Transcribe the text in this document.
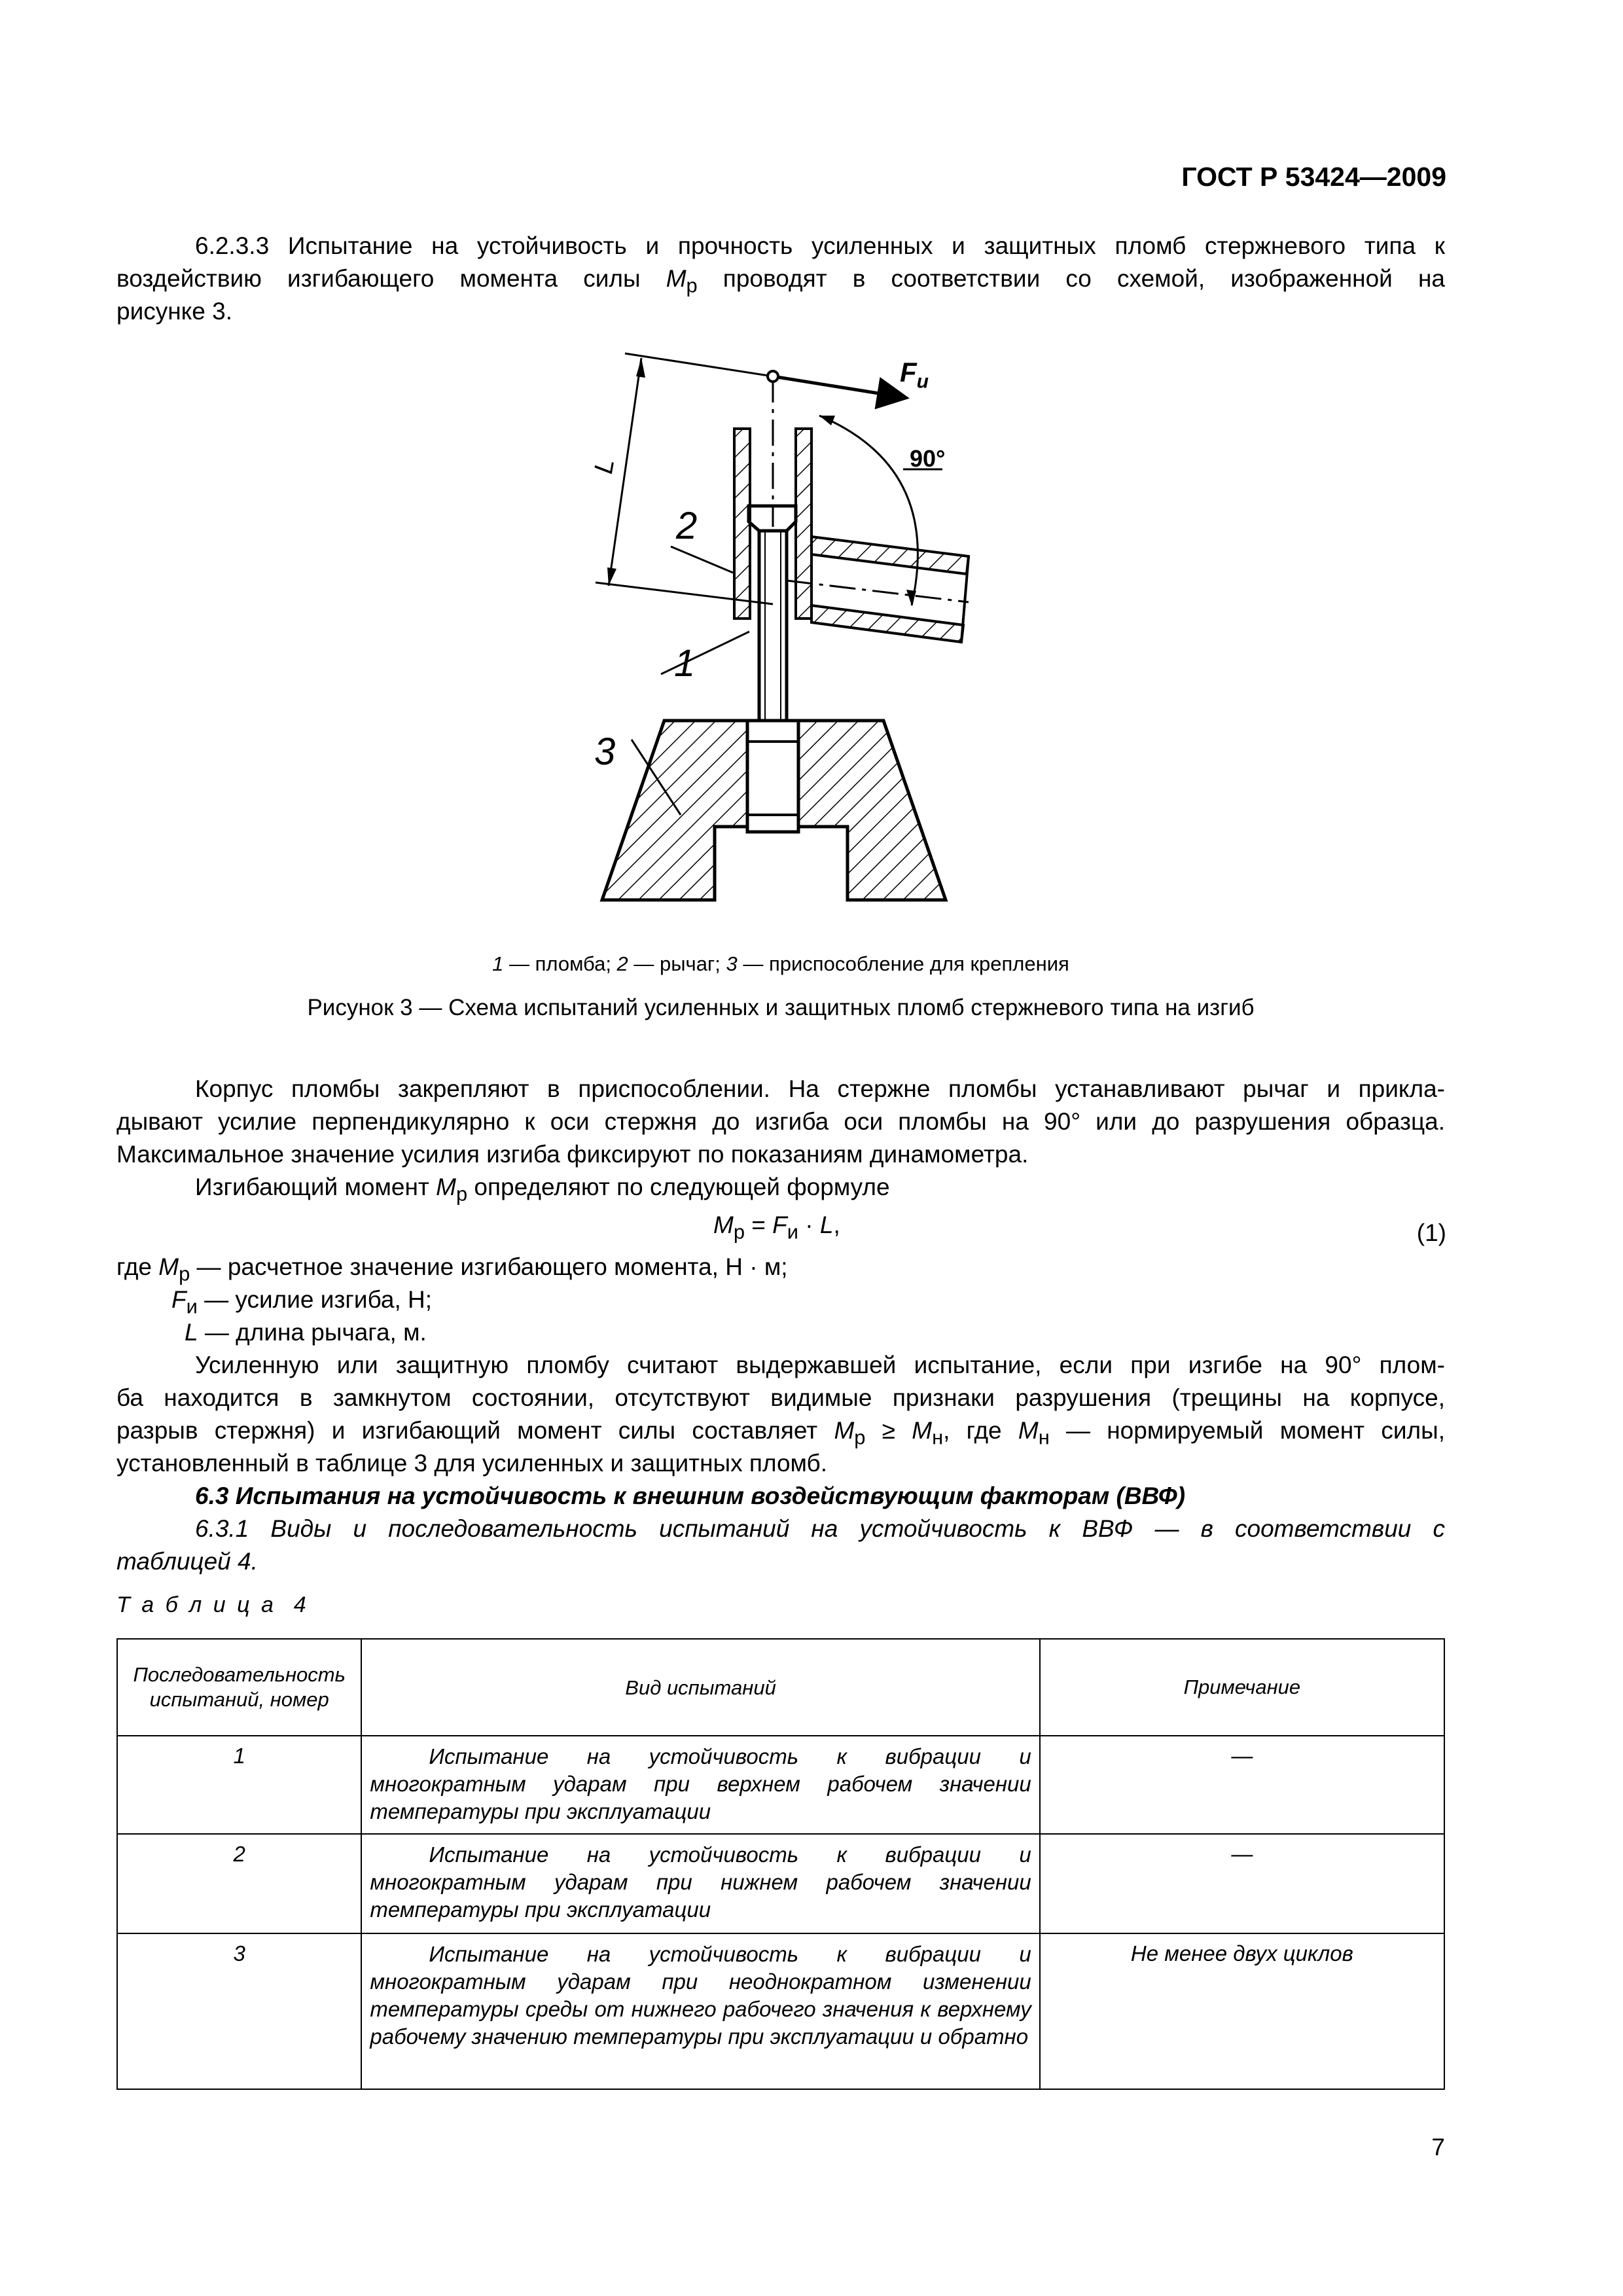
ГОСТ Р 53424—2009
6.2.3.3 Испытание на устойчивость и прочность усиленных и защитных пломб стержневого типа к
воздействию изгибающего момента силы $M_р$ проводят в соответствии со схемой, изображенной на
рисунке 3.
$F_и$
90°
L
1
2
3
1 — пломба; 2 — рычаг; 3 — приспособление для крепления
Рисунок 3 — Схема испытаний усиленных и защитных пломб стержневого типа на изгиб
Корпус пломбы закрепляют в приспособлении. На стержне пломбы устанавливают рычаг и прикла-
дывают усилие перпендикулярно к оси стержня до изгиба оси пломбы на 90° или до разрушения образца.
Максимальное значение усилия изгиба фиксируют по показаниям динамометра.
Изгибающий момент $M_р$ определяют по следующей формуле
$M_р = F_и \cdot L$,	(1)
где $M_р$ — расчетное значение изгибающего момента, Н · м;
$F_и$ — усилие изгиба, Н;
L — длина рычага, м.
Усиленную или защитную пломбу считают выдержавшей испытание, если при изгибе на 90° плом-
ба находится в замкнутом состоянии, отсутствуют видимые признаки разрушения (трещины на корпусе,
разрыв стержня) и изгибающий момент силы составляет $M_р \ge M_н$, где $M_н$ — нормируемый момент силы,
установленный в таблице 3 для усиленных и защитных пломб.
6.3 Испытания на устойчивость к внешним воздействующим факторам (ВВФ)
6.3.1 Виды и последовательность испытаний на устойчивость к ВВФ — в соответствии с
таблицей 4.
Т а б л и ц а  4
Последовательность испытаний, номер	Вид испытаний	Примечание

1	Испытание на устойчивость к вибрации и многократным ударам при верхнем рабочем значении температуры при эксплуатации	—

2	Испытание на устойчивость к вибрации и многократным ударам при нижнем рабочем значении температуры при эксплуатации	—

3	Испытание на устойчивость к вибрации и многократным ударам при неоднократном изменении температуры среды от нижнего рабочего значения к верхнему рабочему значению температуры при эксплуатации и обратно	Не менее двух циклов
7
